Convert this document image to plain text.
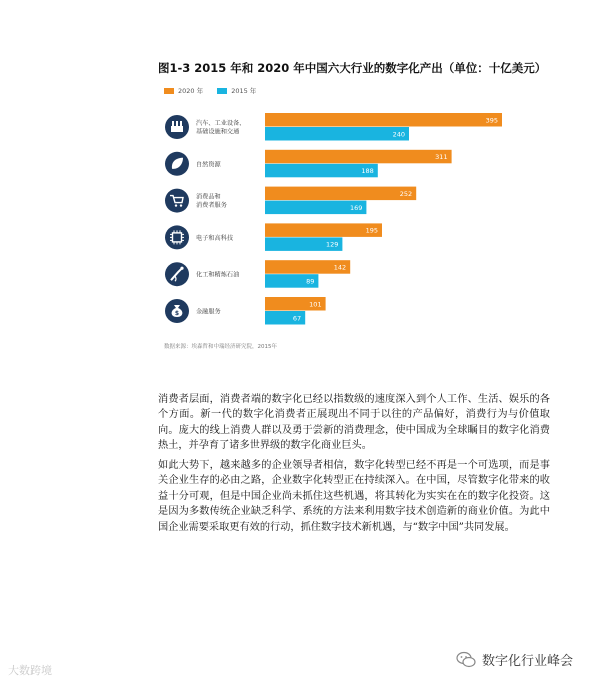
图1-3 2015 年和 2020 年中国六大行业的数字化产出（单位：十亿美元）
2020 年
	2015 年
汽车、工业设备、基础设施和交通
395
240
自然资源
311
188
消费品和消费者服务
252
169
电子和高科技
195
129
化工和精炼石油
142
89
$	金融服务
101
67
数据来源：埃森哲和中瑞经济研究院，2015年

消费者层面，消费者端的数字化已经以指数级的速度深入到个人工作、生活、娱乐的各个方面。新一代的数字化消费者正展现出不同于以往的产品偏好，消费行为与价值取向。庞大的线上消费人群以及勇于尝新的消费理念，使中国成为全球瞩目的数字化消费热土，并孕育了诸多世界级的数字化商业巨头。

如此大势下，越来越多的企业领导者相信，数字化转型已经不再是一个可选项，而是事关企业生存的必由之路，企业数字化转型正在持续深入。在中国，尽管数字化带来的收益十分可观，但是中国企业尚未抓住这些机遇，将其转化为实实在在的数字化投资。这是因为多数传统企业缺乏科学、系统的方法来利用数字技术创造新的商业价值。为此中国企业需要采取更有效的行动，抓住数字技术新机遇，与“数字中国”共同发展。

大数跨境
数字化行业峰会
